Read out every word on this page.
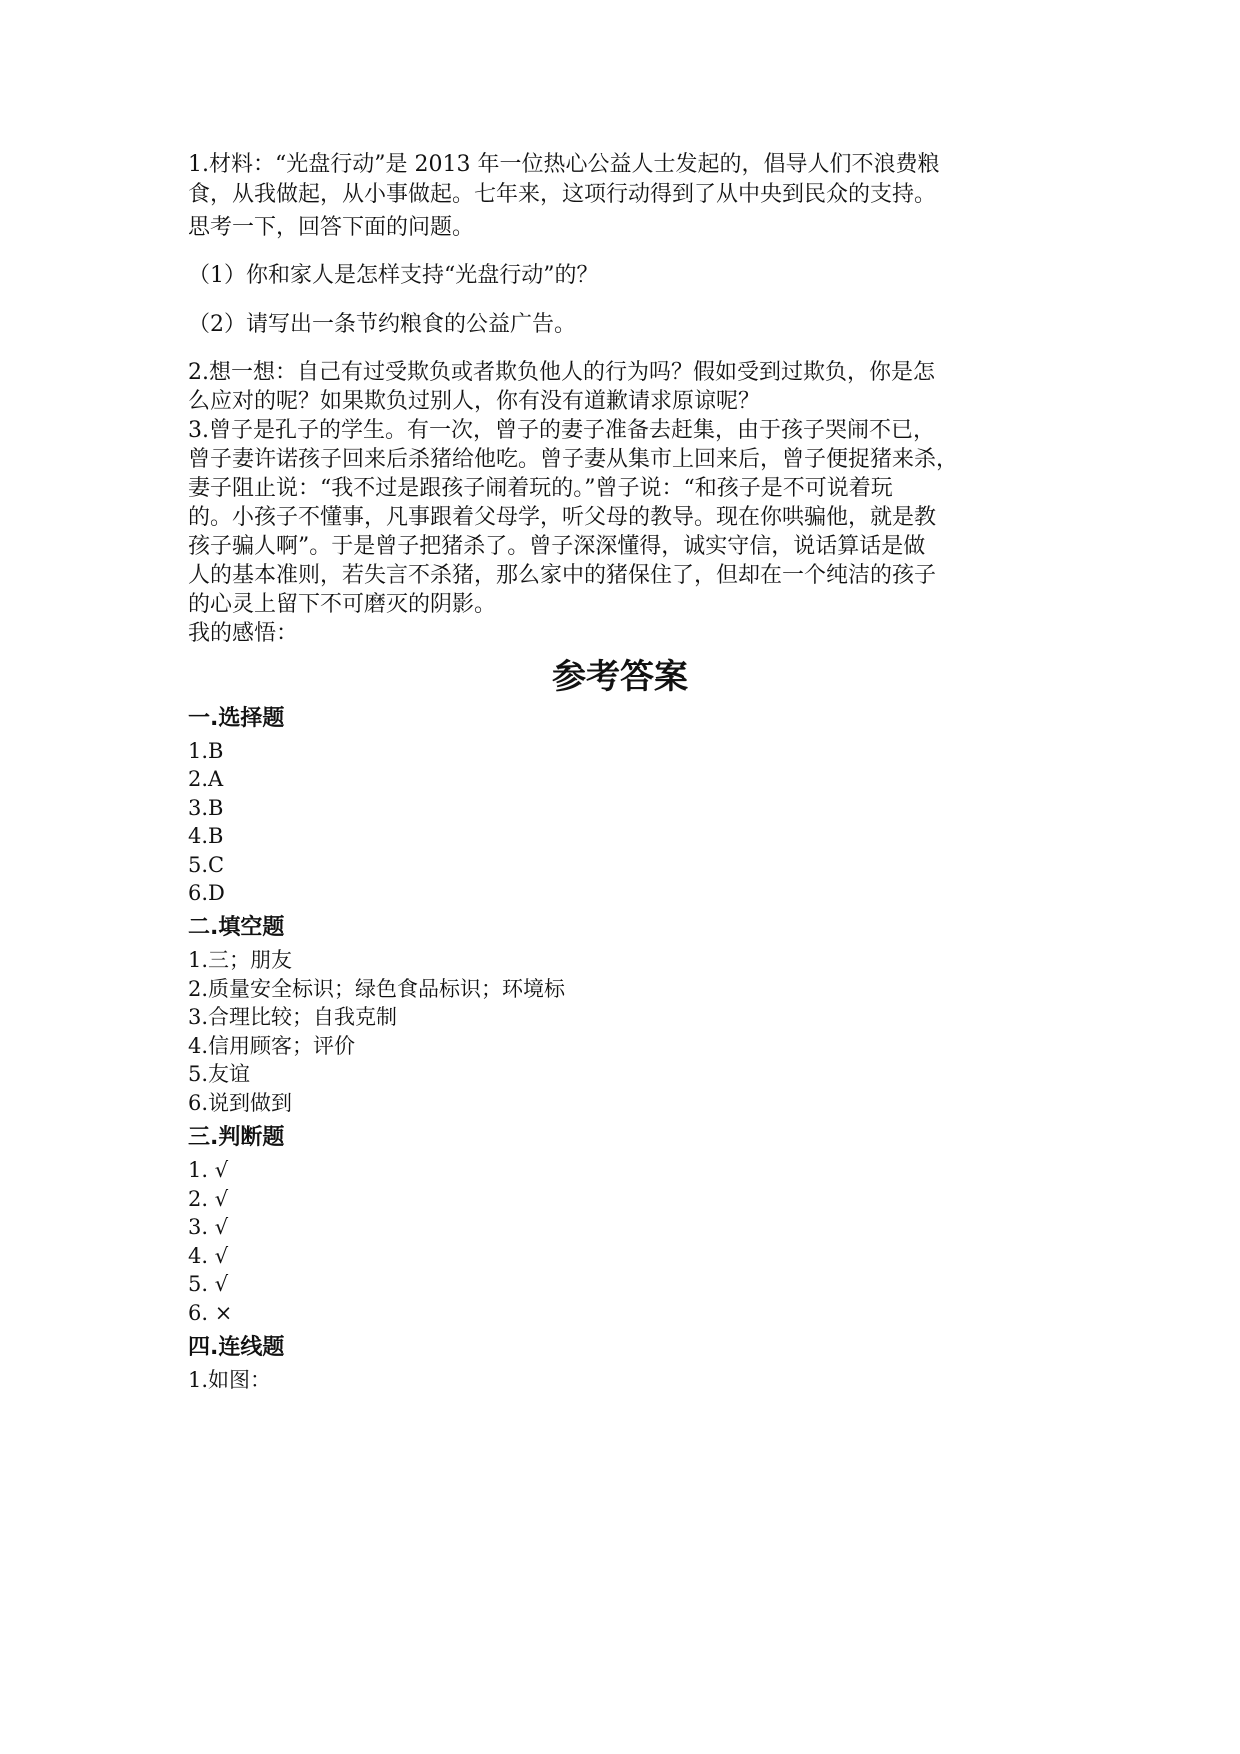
1.材料：“光盘行动”是 2013 年一位热心公益人士发起的，倡导人们不浪费粮
食，从我做起，从小事做起。七年来，这项行动得到了从中央到民众的支持。
思考一下，回答下面的问题。
（1）你和家人是怎样支持“光盘行动”的？
（2）请写出一条节约粮食的公益广告。
2.想一想：自己有过受欺负或者欺负他人的行为吗？假如受到过欺负，你是怎
么应对的呢？如果欺负过别人，你有没有道歉请求原谅呢？
3.曾子是孔子的学生。有一次，曾子的妻子准备去赶集，由于孩子哭闹不已，
曾子妻许诺孩子回来后杀猪给他吃。曾子妻从集市上回来后，曾子便捉猪来杀，
妻子阻止说：“我不过是跟孩子闹着玩的。”曾子说：“和孩子是不可说着玩
的。小孩子不懂事，凡事跟着父母学，听父母的教导。现在你哄骗他，就是教
孩子骗人啊”。于是曾子把猪杀了。曾子深深懂得，诚实守信，说话算话是做
人的基本准则，若失言不杀猪，那么家中的猪保住了，但却在一个纯洁的孩子
的心灵上留下不可磨灭的阴影。
我的感悟：
参考答案
一.选择题
1.B
2.A
3.B
4.B
5.C
6.D
二.填空题
1.三；朋友
2.质量安全标识；绿色食品标识；环境标
3.合理比较；自我克制
4.信用顾客；评价
5.友谊
6.说到做到
三.判断题
1. √
2. √
3. √
4. √
5. √
6. ×
四.连线题
1.如图：
